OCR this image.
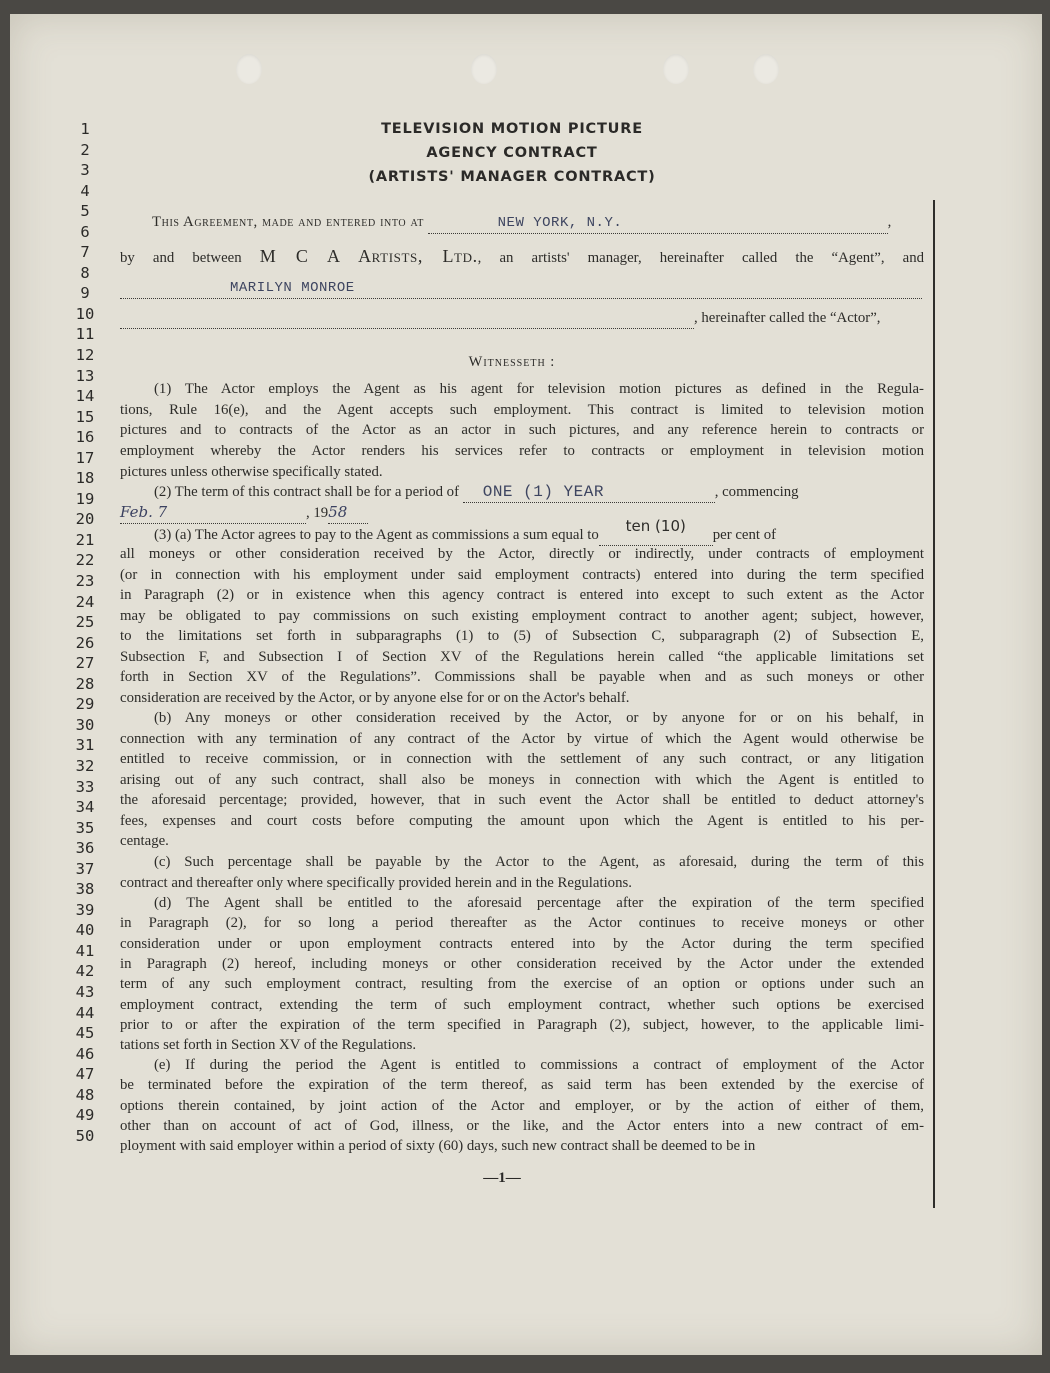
1
2
3
4
5
6
7
8
9
10
11
12
13
14
15
16
17
18
19
20
21
22
23
24
25
26
27
28
29
30
31
32
33
34
35
36
37
38
39
40
41
42
43
44
45
46
47
48
49
50
TELEVISION MOTION PICTURE
AGENCY CONTRACT
(ARTISTS' MANAGER CONTRACT)
This Agreement, made and entered into at	NEW YORK, N.Y.	,
by and between M C A Artists, Ltd., an artists' manager, hereinafter called the “Agent”, and
MARILYN MONROE
, hereinafter called the “Actor”,
Witnesseth :
(1) The Actor employs the Agent as his agent for television motion pictures as defined in the Regula-
tions, Rule 16(e), and the Agent accepts such employment. This contract is limited to television motion
pictures and to contracts of the Actor as an actor in such pictures, and any reference herein to contracts or
employment whereby the Actor renders his services refer to contracts or employment in television motion
pictures unless otherwise specifically stated.
(2) The term of this contract shall be for a period of ONE (1) YEAR	, commencing
Feb. 7	, 1958
(3) (a) The Actor agrees to pay to the Agent as commissions a sum equal to ten (10) per cent of
all moneys or other consideration received by the Actor, directly or indirectly, under contracts of employment
(or in connection with his employment under said employment contracts) entered into during the term specified
in Paragraph (2) or in existence when this agency contract is entered into except to such extent as the Actor
may be obligated to pay commissions on such existing employment contract to another agent; subject, however,
to the limitations set forth in subparagraphs (1) to (5) of Subsection C, subparagraph (2) of Subsection E,
Subsection F, and Subsection I of Section XV of the Regulations herein called “the applicable limitations set
forth in Section XV of the Regulations”. Commissions shall be payable when and as such moneys or other
consideration are received by the Actor, or by anyone else for or on the Actor's behalf.
(b) Any moneys or other consideration received by the Actor, or by anyone for or on his behalf, in
connection with any termination of any contract of the Actor by virtue of which the Agent would otherwise be
entitled to receive commission, or in connection with the settlement of any such contract, or any litigation
arising out of any such contract, shall also be moneys in connection with which the Agent is entitled to
the aforesaid percentage; provided, however, that in such event the Actor shall be entitled to deduct attorney's
fees, expenses and court costs before computing the amount upon which the Agent is entitled to his per-
centage.
(c) Such percentage shall be payable by the Actor to the Agent, as aforesaid, during the term of this
contract and thereafter only where specifically provided herein and in the Regulations.
(d) The Agent shall be entitled to the aforesaid percentage after the expiration of the term specified
in Paragraph (2), for so long a period thereafter as the Actor continues to receive moneys or other
consideration under or upon employment contracts entered into by the Actor during the term specified
in Paragraph (2) hereof, including moneys or other consideration received by the Actor under the extended
term of any such employment contract, resulting from the exercise of an option or options under such an
employment contract, extending the term of such employment contract, whether such options be exercised
prior to or after the expiration of the term specified in Paragraph (2), subject, however, to the applicable limi-
tations set forth in Section XV of the Regulations.
(e) If during the period the Agent is entitled to commissions a contract of employment of the Actor
be terminated before the expiration of the term thereof, as said term has been extended by the exercise of
options therein contained, by joint action of the Actor and employer, or by the action of either of them,
other than on account of act of God, illness, or the like, and the Actor enters into a new contract of em-
ployment with said employer within a period of sixty (60) days, such new contract shall be deemed to be in
—1—
